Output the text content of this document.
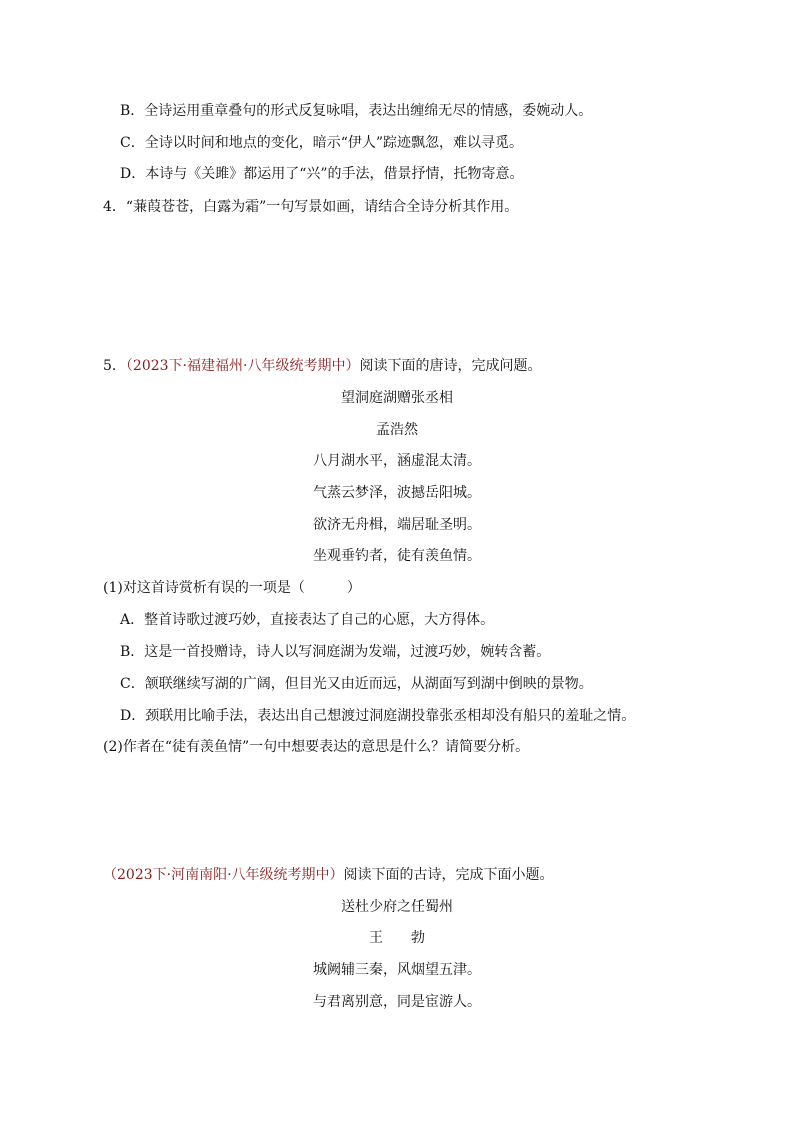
B．全诗运用重章叠句的形式反复咏唱，表达出缠绵无尽的情感，委婉动人。
C．全诗以时间和地点的变化，暗示“伊人”踪迹飘忽，难以寻觅。
D．本诗与《关雎》都运用了“兴”的手法，借景抒情，托物寄意。
4．“蒹葭苍苍，白露为霜”一句写景如画，请结合全诗分析其作用。
5．（2023下·福建福州·八年级统考期中）阅读下面的唐诗，完成问题。
望洞庭湖赠张丞相
孟浩然
八月湖水平，涵虚混太清。
气蒸云梦泽，波撼岳阳城。
欲济无舟楫，端居耻圣明。
坐观垂钓者，徒有羡鱼情。
(1)对这首诗赏析有误的一项是（　　　）
A．整首诗歌过渡巧妙，直接表达了自己的心愿，大方得体。
B．这是一首投赠诗，诗人以写洞庭湖为发端，过渡巧妙，婉转含蓄。
C．颔联继续写湖的广阔，但目光又由近而远，从湖面写到湖中倒映的景物。
D．颈联用比喻手法，表达出自己想渡过洞庭湖投靠张丞相却没有船只的羞耻之情。
(2)作者在“徒有羡鱼情”一句中想要表达的意思是什么？请简要分析。
（2023下·河南南阳·八年级统考期中）阅读下面的古诗，完成下面小题。
送杜少府之任蜀州
王　　勃
城阙辅三秦，风烟望五津。
与君离别意，同是宦游人。
